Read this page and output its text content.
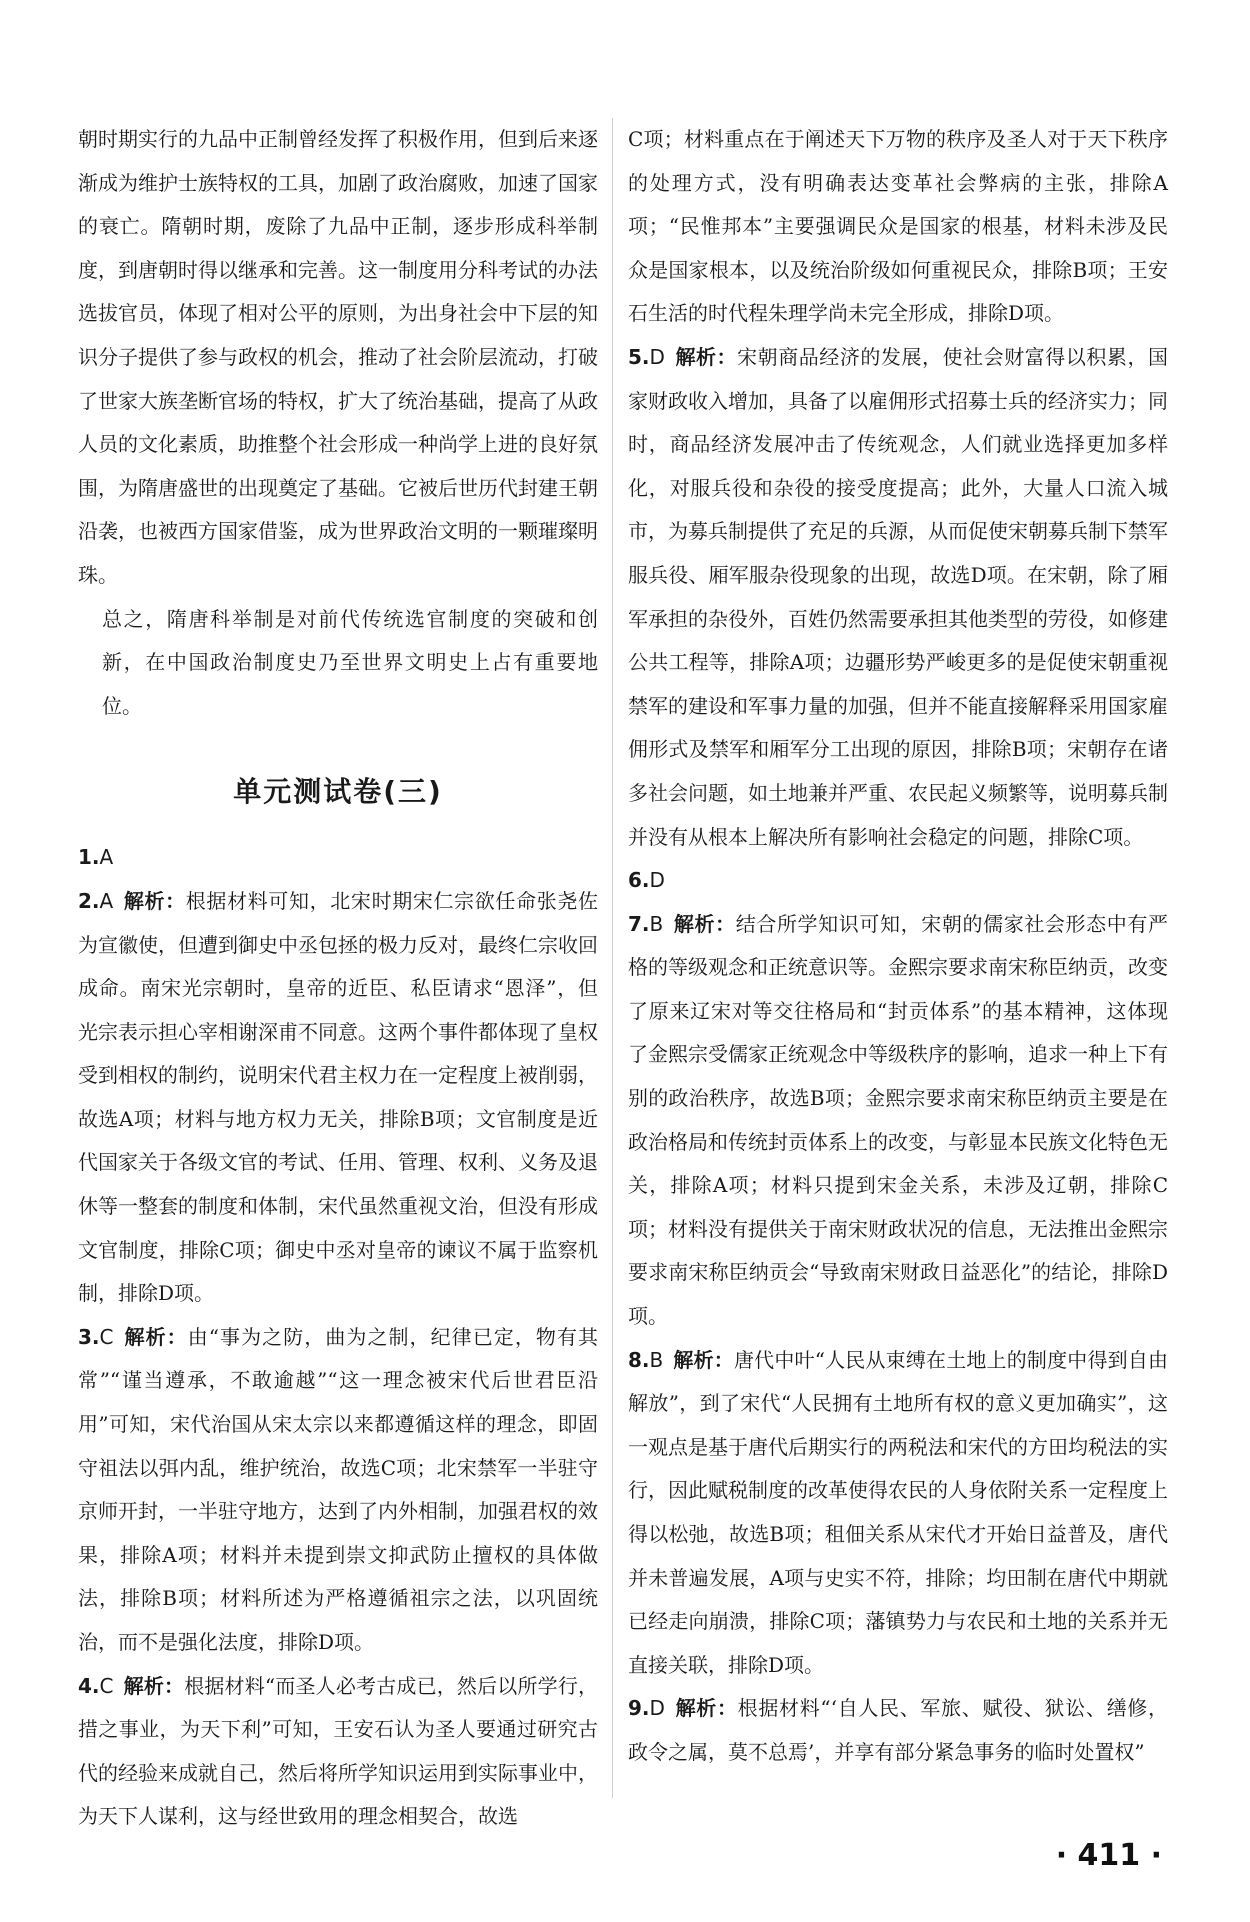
朝时期实行的九品中正制曾经发挥了积极作用，但到后来逐渐成为维护士族特权的工具，加剧了政治腐败，加速了国家的衰亡。隋朝时期，废除了九品中正制，逐步形成科举制度，到唐朝时得以继承和完善。这一制度用分科考试的办法选拔官员，体现了相对公平的原则，为出身社会中下层的知识分子提供了参与政权的机会，推动了社会阶层流动，打破了世家大族垄断官场的特权，扩大了统治基础，提高了从政人员的文化素质，助推整个社会形成一种尚学上进的良好氛围，为隋唐盛世的出现奠定了基础。它被后世历代封建王朝沿袭，也被西方国家借鉴，成为世界政治文明的一颗璀璨明珠。

总之，隋唐科举制是对前代传统选官制度的突破和创新，在中国政治制度史乃至世界文明史上占有重要地位。

单元测试卷(三)
1.A
2.A 解析：根据材料可知，北宋时期宋仁宗欲任命张尧佐为宣徽使，但遭到御史中丞包拯的极力反对，最终仁宗收回成命。南宋光宗朝时，皇帝的近臣、私臣请求“恩泽”，但光宗表示担心宰相谢深甫不同意。这两个事件都体现了皇权受到相权的制约，说明宋代君主权力在一定程度上被削弱，故选A项；材料与地方权力无关，排除B项；文官制度是近代国家关于各级文官的考试、任用、管理、权利、义务及退休等一整套的制度和体制，宋代虽然重视文治，但没有形成文官制度，排除C项；御史中丞对皇帝的谏议不属于监察机制，排除D项。
3.C 解析：由“事为之防，曲为之制，纪律已定，物有其常”“谨当遵承，不敢逾越”“这一理念被宋代后世君臣沿用”可知，宋代治国从宋太宗以来都遵循这样的理念，即固守祖法以弭内乱，维护统治，故选C项；北宋禁军一半驻守京师开封，一半驻守地方，达到了内外相制，加强君权的效果，排除A项；材料并未提到崇文抑武防止擅权的具体做法，排除B项；材料所述为严格遵循祖宗之法，以巩固统治，而不是强化法度，排除D项。
4.C 解析：根据材料“而圣人必考古成已，然后以所学行，措之事业，为天下利”可知，王安石认为圣人要通过研究古代的经验来成就自己，然后将所学知识运用到实际事业中，为天下人谋利，这与经世致用的理念相契合，故选
C项；材料重点在于阐述天下万物的秩序及圣人对于天下秩序的处理方式，没有明确表达变革社会弊病的主张，排除A项；“民惟邦本”主要强调民众是国家的根基，材料未涉及民众是国家根本，以及统治阶级如何重视民众，排除B项；王安石生活的时代程朱理学尚未完全形成，排除D项。
5.D 解析：宋朝商品经济的发展，使社会财富得以积累，国家财政收入增加，具备了以雇佣形式招募士兵的经济实力；同时，商品经济发展冲击了传统观念，人们就业选择更加多样化，对服兵役和杂役的接受度提高；此外，大量人口流入城市，为募兵制提供了充足的兵源，从而促使宋朝募兵制下禁军服兵役、厢军服杂役现象的出现，故选D项。在宋朝，除了厢军承担的杂役外，百姓仍然需要承担其他类型的劳役，如修建公共工程等，排除A项；边疆形势严峻更多的是促使宋朝重视禁军的建设和军事力量的加强，但并不能直接解释采用国家雇佣形式及禁军和厢军分工出现的原因，排除B项；宋朝存在诸多社会问题，如土地兼并严重、农民起义频繁等，说明募兵制并没有从根本上解决所有影响社会稳定的问题，排除C项。
6.D
7.B 解析：结合所学知识可知，宋朝的儒家社会形态中有严格的等级观念和正统意识等。金熙宗要求南宋称臣纳贡，改变了原来辽宋对等交往格局和“封贡体系”的基本精神，这体现了金熙宗受儒家正统观念中等级秩序的影响，追求一种上下有别的政治秩序，故选B项；金熙宗要求南宋称臣纳贡主要是在政治格局和传统封贡体系上的改变，与彰显本民族文化特色无关，排除A项；材料只提到宋金关系，未涉及辽朝，排除C项；材料没有提供关于南宋财政状况的信息，无法推出金熙宗要求南宋称臣纳贡会“导致南宋财政日益恶化”的结论，排除D项。
8.B 解析：唐代中叶“人民从束缚在土地上的制度中得到自由解放”，到了宋代“人民拥有土地所有权的意义更加确实”，这一观点是基于唐代后期实行的两税法和宋代的方田均税法的实行，因此赋税制度的改革使得农民的人身依附关系一定程度上得以松弛，故选B项；租佃关系从宋代才开始日益普及，唐代并未普遍发展，A项与史实不符，排除；均田制在唐代中期就已经走向崩溃，排除C项；藩镇势力与农民和土地的关系并无直接关联，排除D项。
9.D 解析：根据材料“‘自人民、军旅、赋役、狱讼、缮修，政令之属，莫不总焉’，并享有部分紧急事务的临时处置权”
· 411 ·
